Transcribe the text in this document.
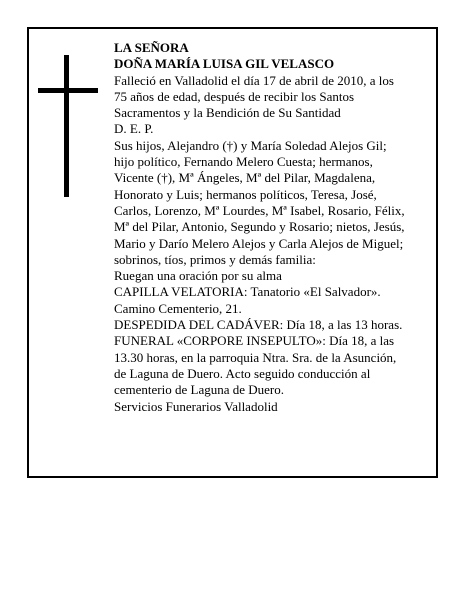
LA SEÑORA
DOÑA MARÍA LUISA GIL VELASCO
Falleció en Valladolid el día 17 de abril de 2010, a los
75 años de edad, después de recibir los Santos
Sacramentos y la Bendición de Su Santidad
D. E. P.
Sus hijos, Alejandro (†) y María Soledad Alejos Gil;
hijo político, Fernando Melero Cuesta; hermanos,
Vicente (†), Mª Ángeles, Mª del Pilar, Magdalena,
Honorato y Luis; hermanos políticos, Teresa, José,
Carlos, Lorenzo, Mª Lourdes, Mª Isabel, Rosario, Félix,
Mª del Pilar, Antonio, Segundo y Rosario; nietos, Jesús,
Mario y Darío Melero Alejos y Carla Alejos de Miguel;
sobrinos, tíos, primos y demás familia:
Ruegan una oración por su alma
CAPILLA VELATORIA: Tanatorio «El Salvador».
Camino Cementerio, 21.
DESPEDIDA DEL CADÁVER: Día 18, a las 13 horas.
FUNERAL «CORPORE INSEPULTO»: Día 18, a las
13.30 horas, en la parroquia Ntra. Sra. de la Asunción,
de Laguna de Duero. Acto seguido conducción al
cementerio de Laguna de Duero.
Servicios Funerarios Valladolid
